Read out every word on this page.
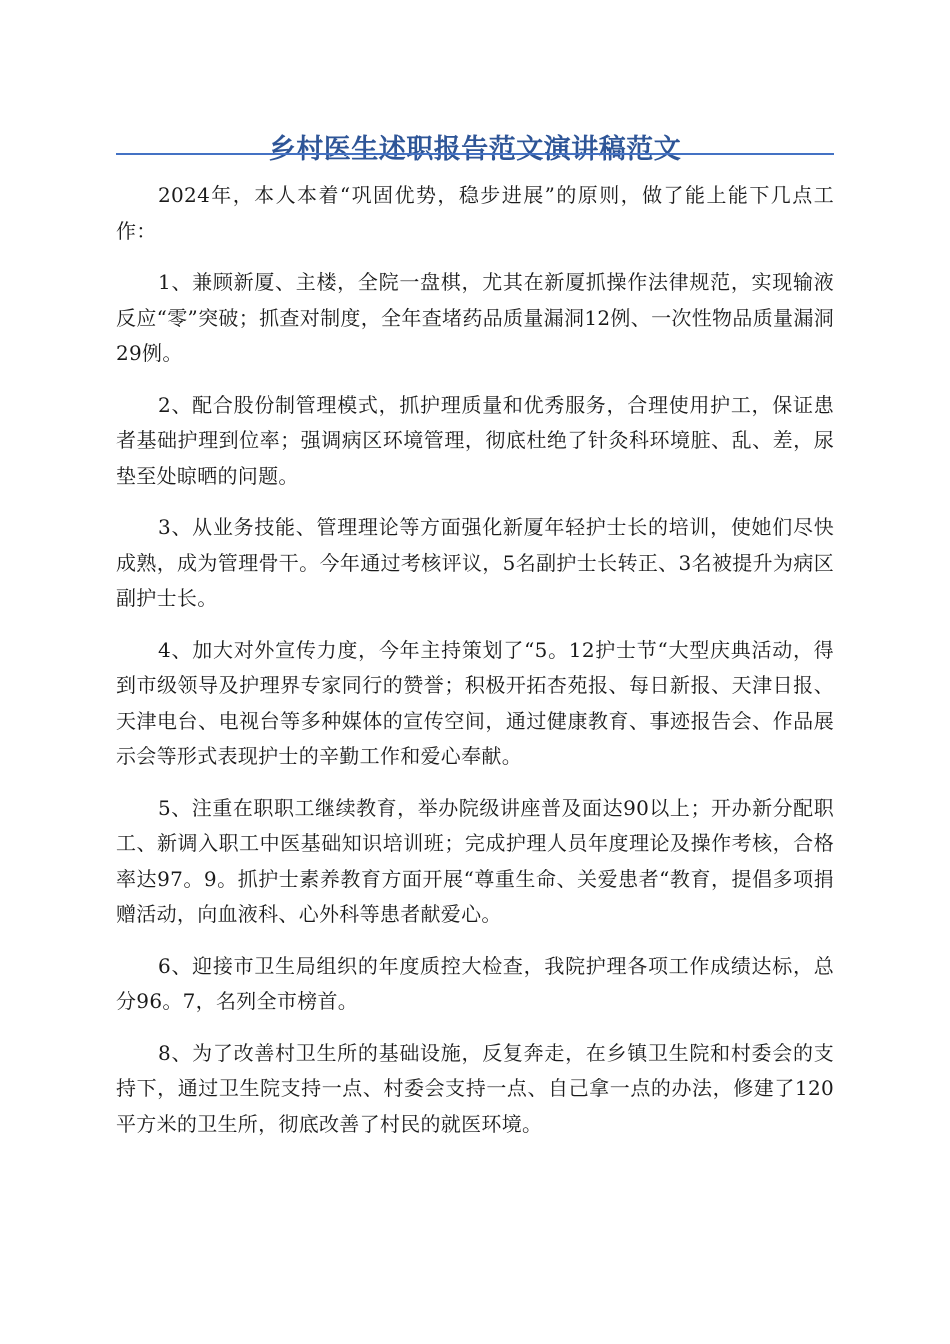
乡村医生述职报告范文演讲稿范文

2024年，本人本着“巩固优势，稳步进展”的原则，做了能上能下几点工作：

1、兼顾新厦、主楼，全院一盘棋，尤其在新厦抓操作法律规范，实现输液反应“零”突破；抓查对制度，全年查堵药品质量漏洞12例、一次性物品质量漏洞29例。

2、配合股份制管理模式，抓护理质量和优秀服务，合理使用护工，保证患者基础护理到位率；强调病区环境管理，彻底杜绝了针灸科环境脏、乱、差，尿垫至处晾晒的问题。

3、从业务技能、管理理论等方面强化新厦年轻护士长的培训，使她们尽快成熟，成为管理骨干。今年通过考核评议，5名副护士长转正、3名被提升为病区副护士长。

4、加大对外宣传力度，今年主持策划了“5。12护士节“大型庆典活动，得到市级领导及护理界专家同行的赞誉；积极开拓杏苑报、每日新报、天津日报、天津电台、电视台等多种媒体的宣传空间，通过健康教育、事迹报告会、作品展示会等形式表现护士的辛勤工作和爱心奉献。

5、注重在职职工继续教育，举办院级讲座普及面达90以上；开办新分配职工、新调入职工中医基础知识培训班；完成护理人员年度理论及操作考核，合格率达97。9。抓护士素养教育方面开展“尊重生命、关爱患者“教育，提倡多项捐赠活动，向血液科、心外科等患者献爱心。

6、迎接市卫生局组织的年度质控大检查，我院护理各项工作成绩达标，总分96。7，名列全市榜首。

8、为了改善村卫生所的基础设施，反复奔走，在乡镇卫生院和村委会的支持下，通过卫生院支持一点、村委会支持一点、自己拿一点的办法，修建了120平方米的卫生所，彻底改善了村民的就医环境。
